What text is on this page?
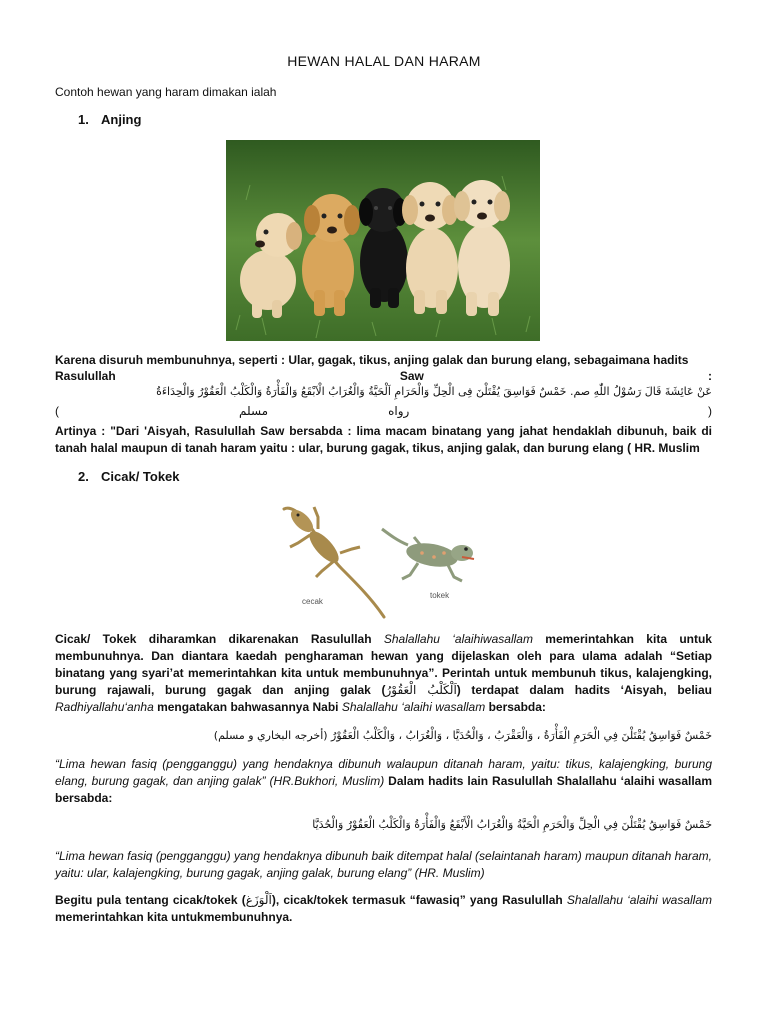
HEWAN HALAL DAN HARAM
Contoh hewan yang haram dimakan ialah
1. Anjing
Karena disuruh membunuhnya, seperti : Ular, gagak, tikus, anjing galak dan burung elang, sebagaimana hadits
Rasulullah	Saw	:
عَنْ عَائِشَةَ قَالَ رَسُوْلُ اللّٰهِ صم. خَمْسٌ فَوَاسِقَ يُقْتَلْنَ فِى الْحِلِّ وَالْحَرَامِ اَلْحَيَّةُ وَالْغُرَابُ الْاَبْقَعُ وَالْفَأْرَةُ وَالْكَلْبُ الْعَقُوْرُ وَالْحِدَاءَةُ
(	مسلم	رواه	)
Artinya : "Dari 'Aisyah, Rasulullah Saw bersabda : lima macam binatang yang jahat hendaklah dibunuh, baik di tanah halal maupun di tanah haram yaitu : ular, burung gagak, tikus, anjing galak, dan burung elang ( HR. Muslim
2. Cicak/ Tokek
cecak
tokek
Cicak/ Tokek diharamkan dikarenakan Rasulullah Shalallahu ‘alaihiwasallam memerintahkan kita untuk membunuhnya. Dan diantara kaedah pengharaman hewan yang dijelaskan oleh para ulama adalah “Setiap binatang yang syari’at memerintahkan kita untuk membunuhnya”. Perintah untuk membunuh tikus, kalajengking, burung rajawali, burung gagak dan anjing galak (اَلْكَلْبُ الْعَقُوْرُ) terdapat dalam hadits ‘Aisyah, beliau Radhiyallahu‘anha mengatakan bahwasannya Nabi Shalallahu ‘alaihi wasallam bersabda:
خَمْسٌ فَوَاسِقُ يُقْتَلْنَ فِي الْحَرَمِ الْفَأْرَةُ ، وَالْعَقْرَبُ ، وَالْحُدَيَّا ، وَالْغُرَابُ ، وَالْكَلْبُ الْعَقُوْرُ (أخرجه البخاري و مسلم)
“Lima hewan fasiq (pengganggu) yang hendaknya dibunuh walaupun ditanah haram, yaitu: tikus, kalajengking, burung elang, burung gagak, dan anjing galak” (HR.Bukhori, Muslim) Dalam hadits lain Rasulullah Shalallahu ‘alaihi wasallam bersabda:
خَمْسٌ فَوَاسِقُ يُقْتَلْنَ فِي الْحِلِّ وَالْحَرَمِ الْحَيَّةُ وَالْغُرَابُ الْأَبْقَعُ وَالْفَأْرَةُ وَالْكَلْبُ الْعَقُوْرُ وَالْحُدَيَّا
“Lima hewan fasiq (pengganggu) yang hendaknya dibunuh baik ditempat halal (selaintanah haram) maupun ditanah haram, yaitu: ular, kalajengking, burung gagak, anjing galak, burung elang” (HR. Muslim)
Begitu pula tentang cicak/tokek (اَلْوَزَغ), cicak/tokek termasuk “fawasiq” yang Rasulullah Shalallahu ‘alaihi wasallam memerintahkan kita untukmembunuhnya.
